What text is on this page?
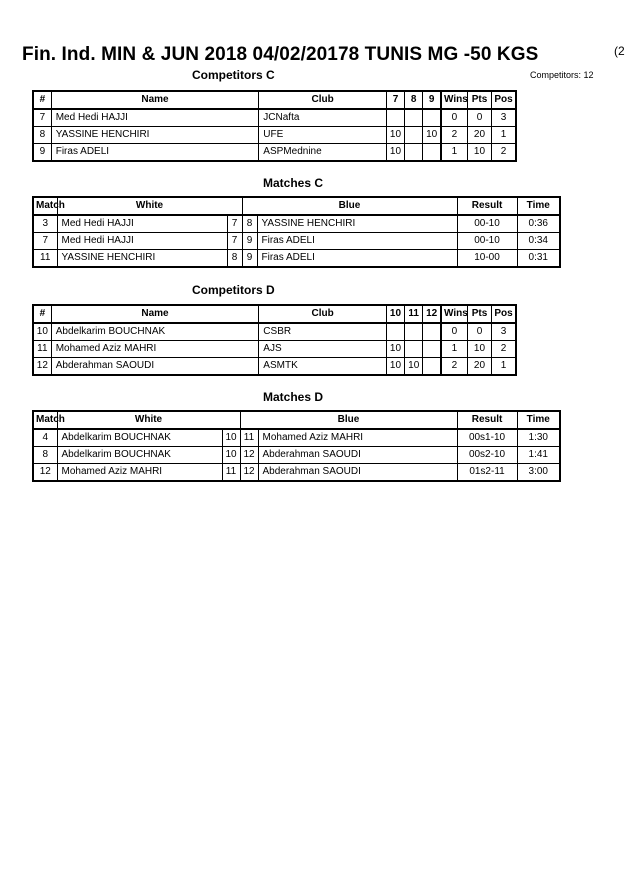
Fin. Ind. MIN & JUN 2018 04/02/20178 TUNIS MG -50 KGS	(2
Competitors C	Competitors: 12
#	Name	Club	7	8	9	Wins	Pts	Pos
7	Med Hedi HAJJI	JCNafta				0	0	3
8	YASSINE HENCHIRI	UFE	10		10	2	20	1
9	Firas ADELI	ASPMednine	10			1	10	2
Matches C
Match	White		Blue		Result	Time
3	Med Hedi HAJJI	7	8	YASSINE HENCHIRI	00-10	0:36
7	Med Hedi HAJJI	7	9	Firas ADELI	00-10	0:34
11	YASSINE HENCHIRI	8	9	Firas ADELI	10-00	0:31
Competitors D
#	Name	Club	10	11	12	Wins	Pts	Pos
10	Abdelkarim BOUCHNAK	CSBR				0	0	3
11	Mohamed Aziz MAHRI	AJS	10			1	10	2
12	Abderahman SAOUDI	ASMTK	10	10		2	20	1
Matches D
Match	White		Blue		Result	Time
4	Abdelkarim BOUCHNAK	10	11	Mohamed Aziz MAHRI	00s1-10	1:30
8	Abdelkarim BOUCHNAK	10	12	Abderahman SAOUDI	00s2-10	1:41
12	Mohamed Aziz MAHRI	11	12	Abderahman SAOUDI	01s2-11	3:00
